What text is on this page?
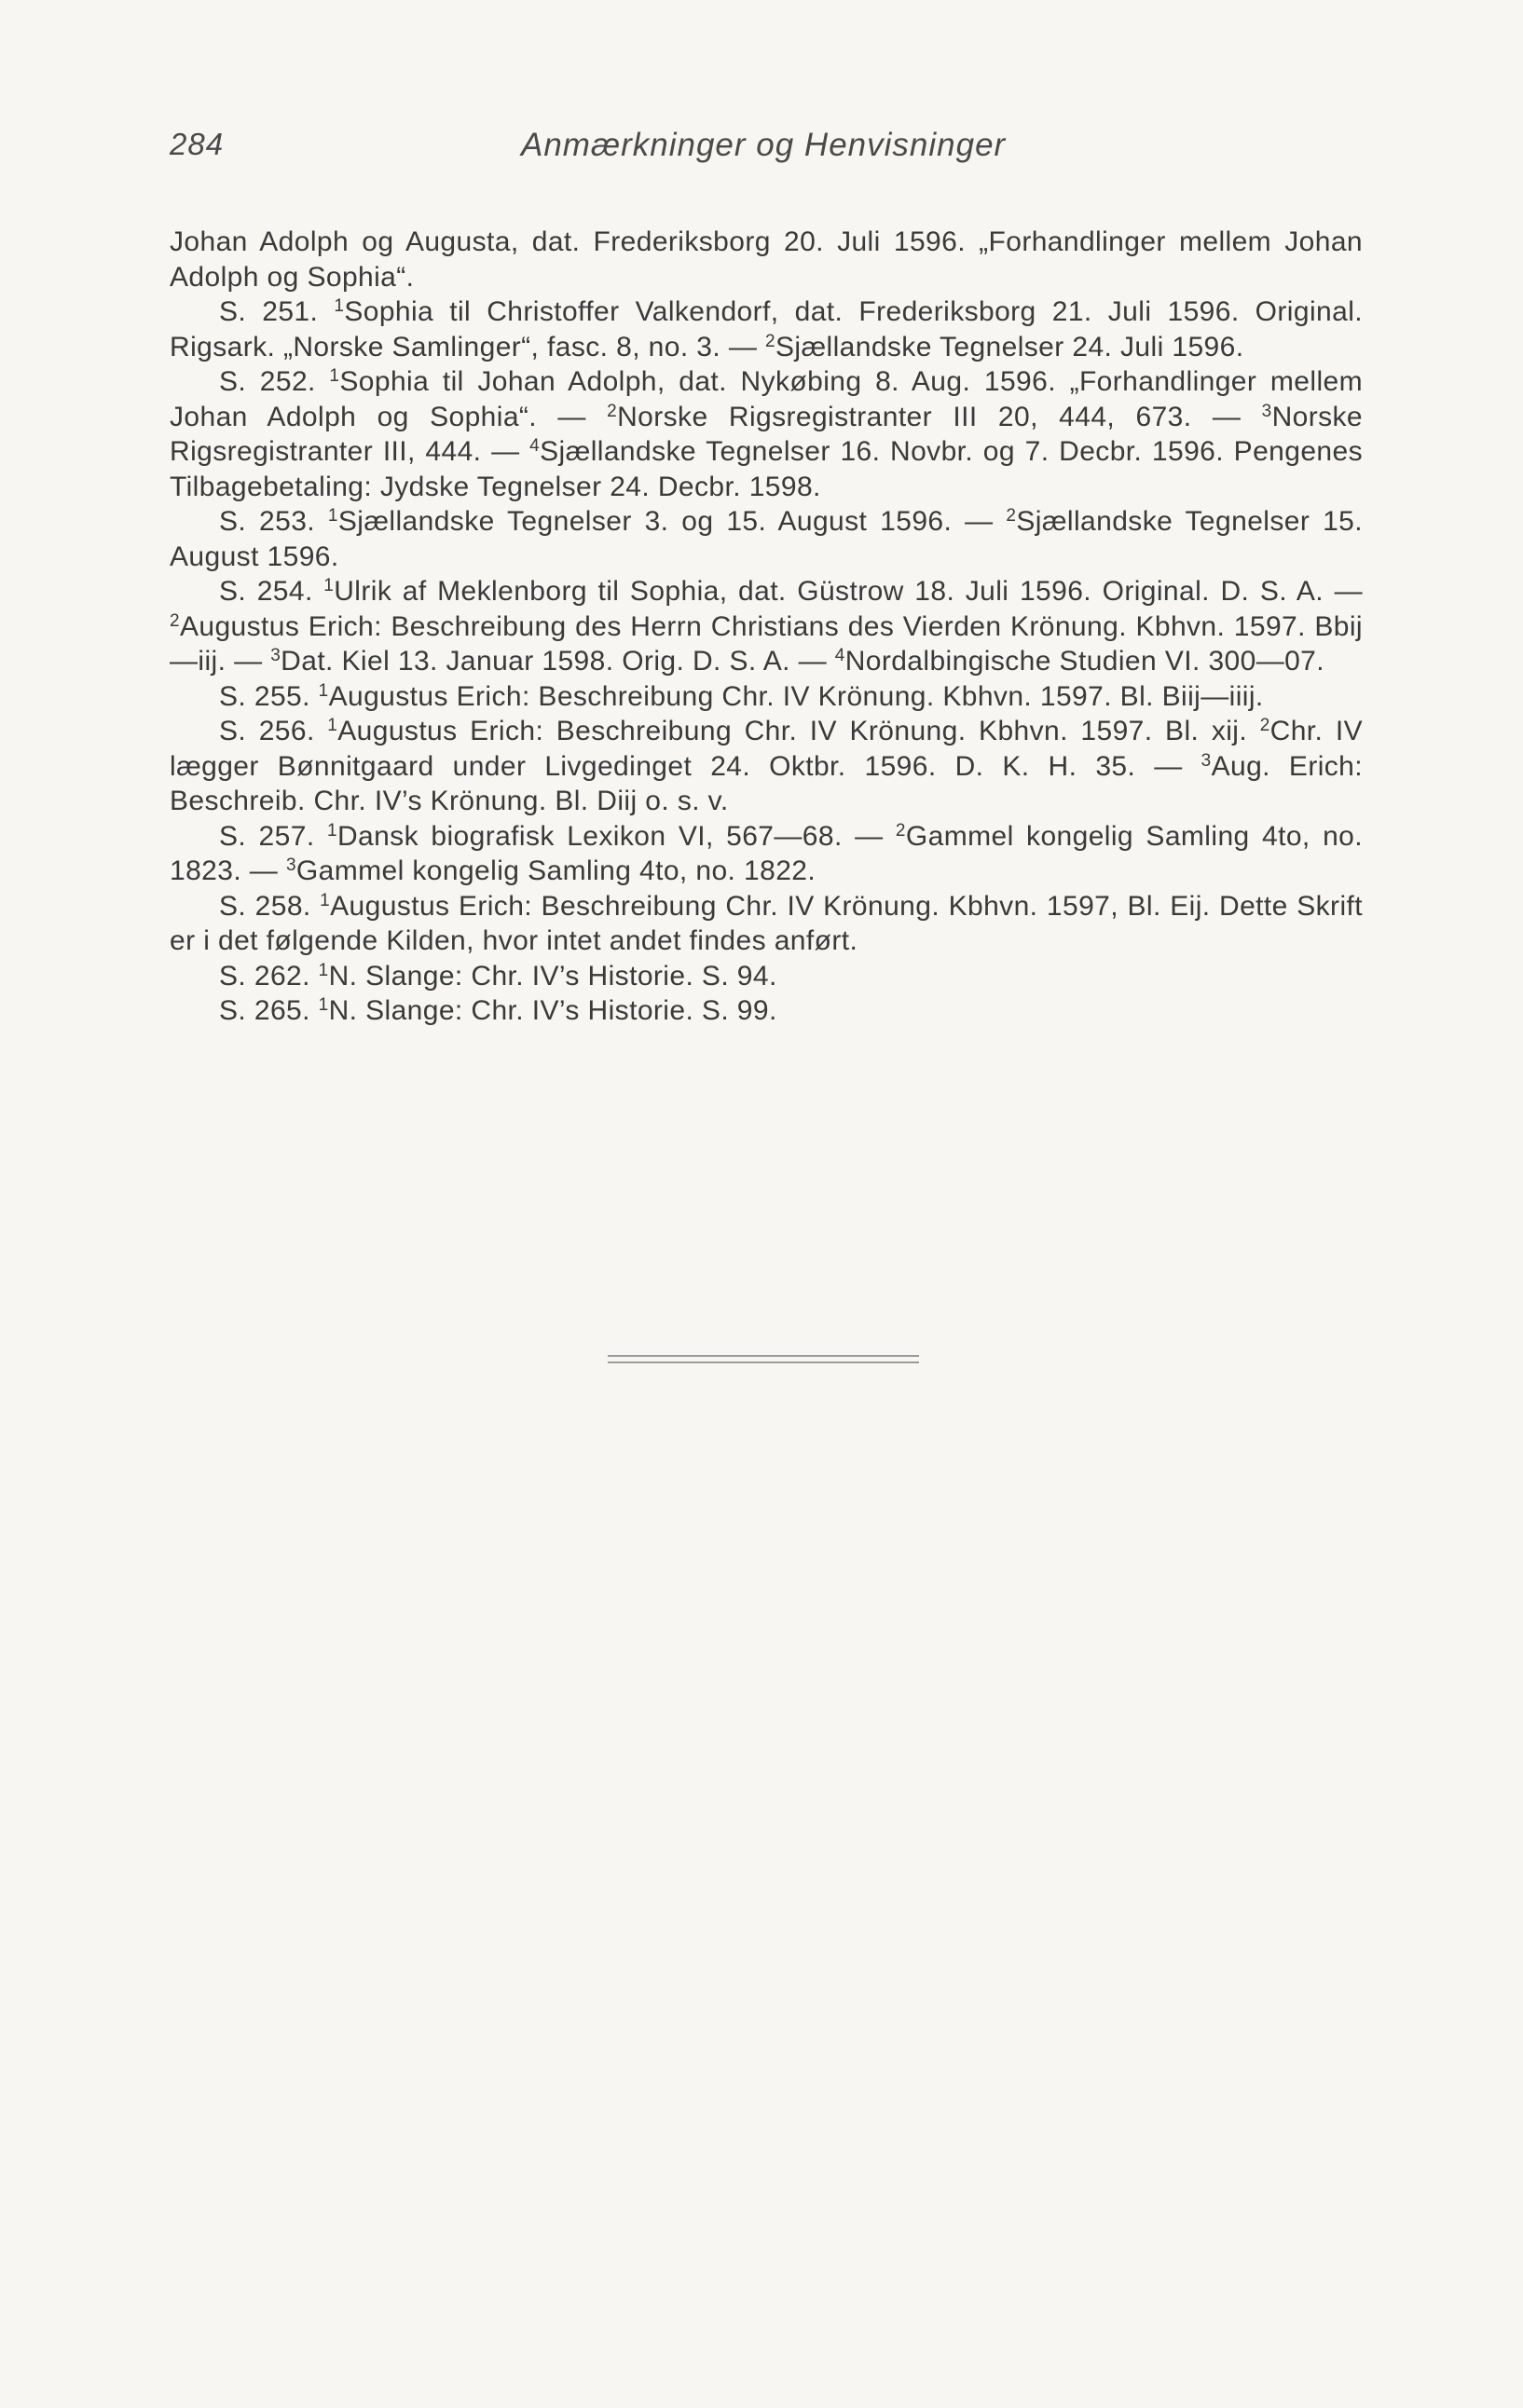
284	Anmærkninger og Henvisninger

Johan Adolph og Augusta, dat. Frederiksborg 20. Juli 1596. „Forhandlinger mellem Johan Adolph og Sophia“.

S. 251. $^1$Sophia til Christoffer Valkendorf, dat. Frederiksborg 21. Juli 1596. Original. Rigsark. „Norske Samlinger“, fasc. 8, no. 3. — $^2$Sjællandske Tegnelser 24. Juli 1596.

S. 252. $^1$Sophia til Johan Adolph, dat. Nykøbing 8. Aug. 1596. „Forhandlinger mellem Johan Adolph og Sophia“. — $^2$Norske Rigsregistranter III 20, 444, 673. — $^3$Norske Rigsregistranter III, 444. — $^4$Sjællandske Tegnelser 16. Novbr. og 7. Decbr. 1596. Pengenes Tilbagebetaling: Jydske Tegnelser 24. Decbr. 1598.

S. 253. $^1$Sjællandske Tegnelser 3. og 15. August 1596. — $^2$Sjællandske Tegnelser 15. August 1596.

S. 254. $^1$Ulrik af Meklenborg til Sophia, dat. Güstrow 18. Juli 1596. Original. D. S. A. — $^2$Augustus Erich: Beschreibung des Herrn Christians des Vierden Krönung. Kbhvn. 1597. Bbij—iij. — $^3$Dat. Kiel 13. Januar 1598. Orig. D. S. A. — $^4$Nordalbingische Studien VI. 300—07.

S. 255. $^1$Augustus Erich: Beschreibung Chr. IV Krönung. Kbhvn. 1597. Bl. Biij—iiij.

S. 256. $^1$Augustus Erich: Beschreibung Chr. IV Krönung. Kbhvn. 1597. Bl. xij. $^2$Chr. IV lægger Bønnitgaard under Livgedinget 24. Oktbr. 1596. D. K. H. 35. — $^3$Aug. Erich: Beschreib. Chr. IV’s Krönung. Bl. Diij o. s. v.

S. 257. $^1$Dansk biografisk Lexikon VI, 567—68. — $^2$Gammel kongelig Samling 4to, no. 1823. — $^3$Gammel kongelig Samling 4to, no. 1822.

S. 258. $^1$Augustus Erich: Beschreibung Chr. IV Krönung. Kbhvn. 1597, Bl. Eij. Dette Skrift er i det følgende Kilden, hvor intet andet findes anført.

S. 262. $^1$N. Slange: Chr. IV’s Historie. S. 94.

S. 265. $^1$N. Slange: Chr. IV’s Historie. S. 99.
